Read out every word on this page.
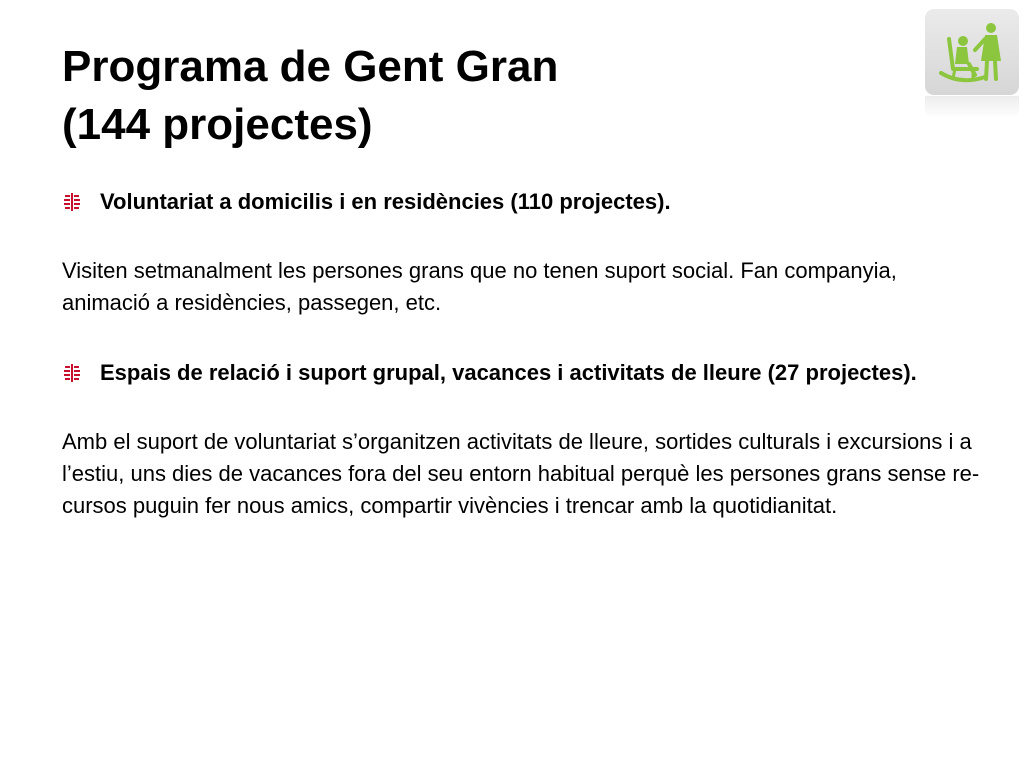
Programa de Gent Gran
(144 projectes)
Voluntariat a domicilis i en residències (110 projectes).

Visiten setmanalment les persones grans que no tenen suport social. Fan companyia, animació a residències, passegen, etc.

Espais de relació i suport grupal, vacances i activitats de lleure (27 projectes).

Amb el suport de voluntariat s’organitzen activitats de lleure, sortides culturals i excursions i a l’estiu, uns dies de vacances fora del seu entorn habitual perquè les persones grans sense re- cursos puguin fer nous amics, compartir vivències i trencar amb la quotidianitat.
